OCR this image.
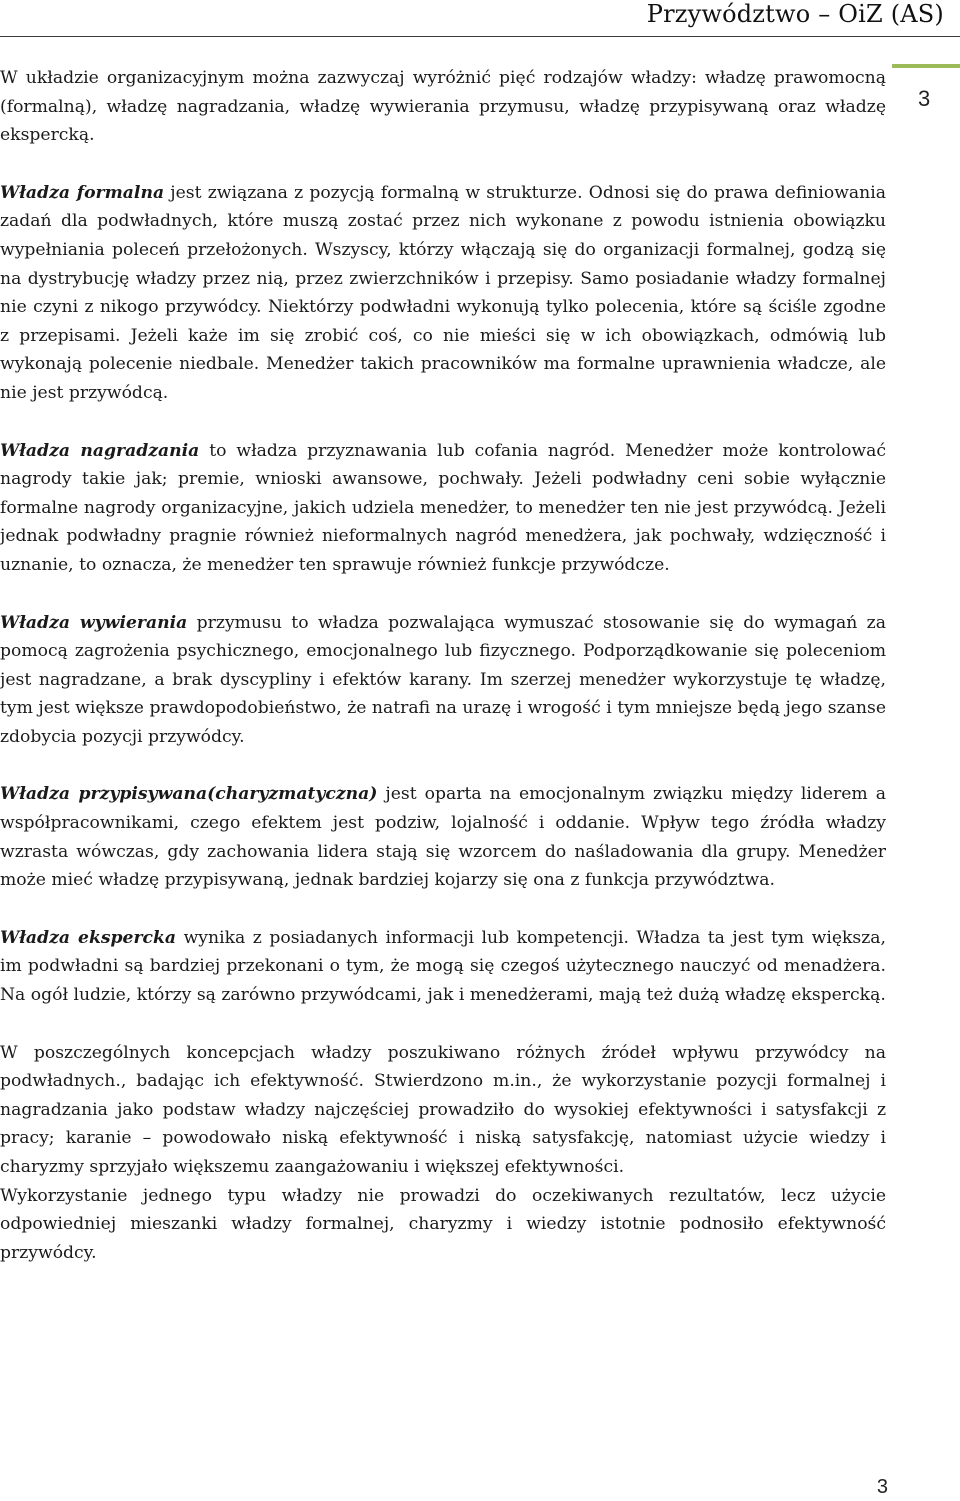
Przywództwo – OiZ (AS)
3

W układzie organizacyjnym można zazwyczaj wyróżnić pięć rodzajów władzy: władzę prawomocną (formalną), władzę nagradzania, władzę wywierania przymusu, władzę przypisywaną oraz władzę ekspercką.

Władza formalna jest związana z pozycją formalną w strukturze. Odnosi się do prawa definiowania zadań dla podwładnych, które muszą zostać przez nich wykonane z powodu istnienia obowiązku wypełniania poleceń przełożonych. Wszyscy, którzy włączają się do organizacji formalnej, godzą się na dystrybucję władzy przez nią, przez zwierzchników i przepisy. Samo posiadanie władzy formalnej nie czyni z nikogo przywódcy. Niektórzy podwładni wykonują tylko polecenia, które są ściśle zgodne z przepisami. Jeżeli każe im się zrobić coś, co nie mieści się w ich obowiązkach, odmówią lub wykonają polecenie niedbale. Menedżer takich pracowników ma formalne uprawnienia władcze, ale nie jest przywódcą.

Władza nagradzania to władza przyznawania lub cofania nagród. Menedżer może kontrolować nagrody takie jak; premie, wnioski awansowe, pochwały. Jeżeli podwładny ceni sobie wyłącznie formalne nagrody organizacyjne, jakich udziela menedżer, to menedżer ten nie jest przywódcą. Jeżeli jednak podwładny pragnie również nieformalnych nagród menedżera, jak pochwały, wdzięczność i uznanie, to oznacza, że menedżer ten sprawuje również funkcje przywódcze.

Władza wywierania przymusu to władza pozwalająca wymuszać stosowanie się do wymagań za pomocą zagrożenia psychicznego, emocjonalnego lub fizycznego. Podporządkowanie się poleceniom jest nagradzane, a brak dyscypliny i efektów karany. Im szerzej menedżer wykorzystuje tę władzę, tym jest większe prawdopodobieństwo, że natrafi na urazę i wrogość i tym mniejsze będą jego szanse zdobycia pozycji przywódcy.

Władza przypisywana(charyzmatyczna) jest oparta na emocjonalnym związku między liderem a współpracownikami, czego efektem jest podziw, lojalność i oddanie. Wpływ tego źródła władzy wzrasta wówczas, gdy zachowania lidera stają się wzorcem do naśladowania dla grupy. Menedżer może mieć władzę przypisywaną, jednak bardziej kojarzy się ona z funkcja przywództwa.

Władza ekspercka wynika z posiadanych informacji lub kompetencji. Władza ta jest tym większa, im podwładni są bardziej przekonani o tym, że mogą się czegoś użytecznego nauczyć od menadżera. Na ogół ludzie, którzy są zarówno przywódcami, jak i menedżerami, mają też dużą władzę ekspercką.

W poszczególnych koncepcjach władzy poszukiwano różnych źródeł wpływu przywódcy na podwładnych., badając ich efektywność. Stwierdzono m.in., że wykorzystanie pozycji formalnej i nagradzania jako podstaw władzy najczęściej prowadziło do wysokiej efektywności i satysfakcji z pracy; karanie – powodowało niską efektywność i niską satysfakcję, natomiast użycie wiedzy i charyzmy sprzyjało większemu zaangażowaniu i większej efektywności.

Wykorzystanie jednego typu władzy nie prowadzi do oczekiwanych rezultatów, lecz użycie odpowiedniej mieszanki władzy formalnej, charyzmy i wiedzy istotnie podnosiło efektywność przywódcy.

3
